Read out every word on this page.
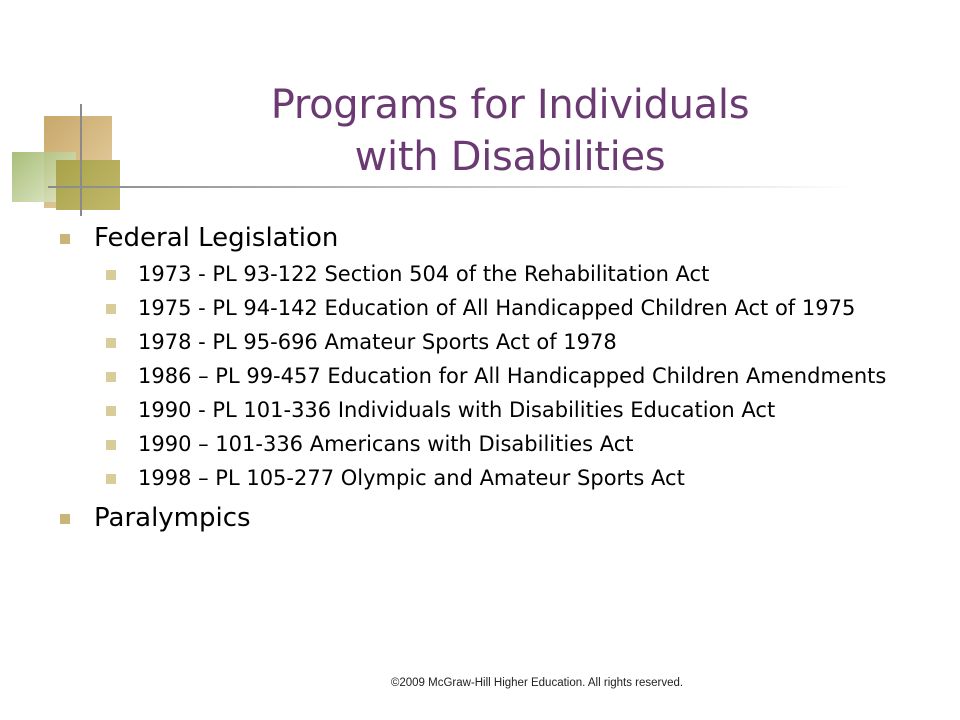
Programs for Individuals
with Disabilities
Federal Legislation
1973 - PL 93-122 Section 504 of the Rehabilitation Act
1975 - PL 94-142 Education of All Handicapped Children Act of 1975
1978 - PL 95-696 Amateur Sports Act of 1978
1986 – PL 99-457 Education for All Handicapped Children Amendments
1990 - PL 101-336 Individuals with Disabilities Education Act
1990 – 101-336 Americans with Disabilities Act
1998 – PL 105-277 Olympic and Amateur Sports Act
Paralympics
©2009 McGraw-Hill Higher Education. All rights reserved.
